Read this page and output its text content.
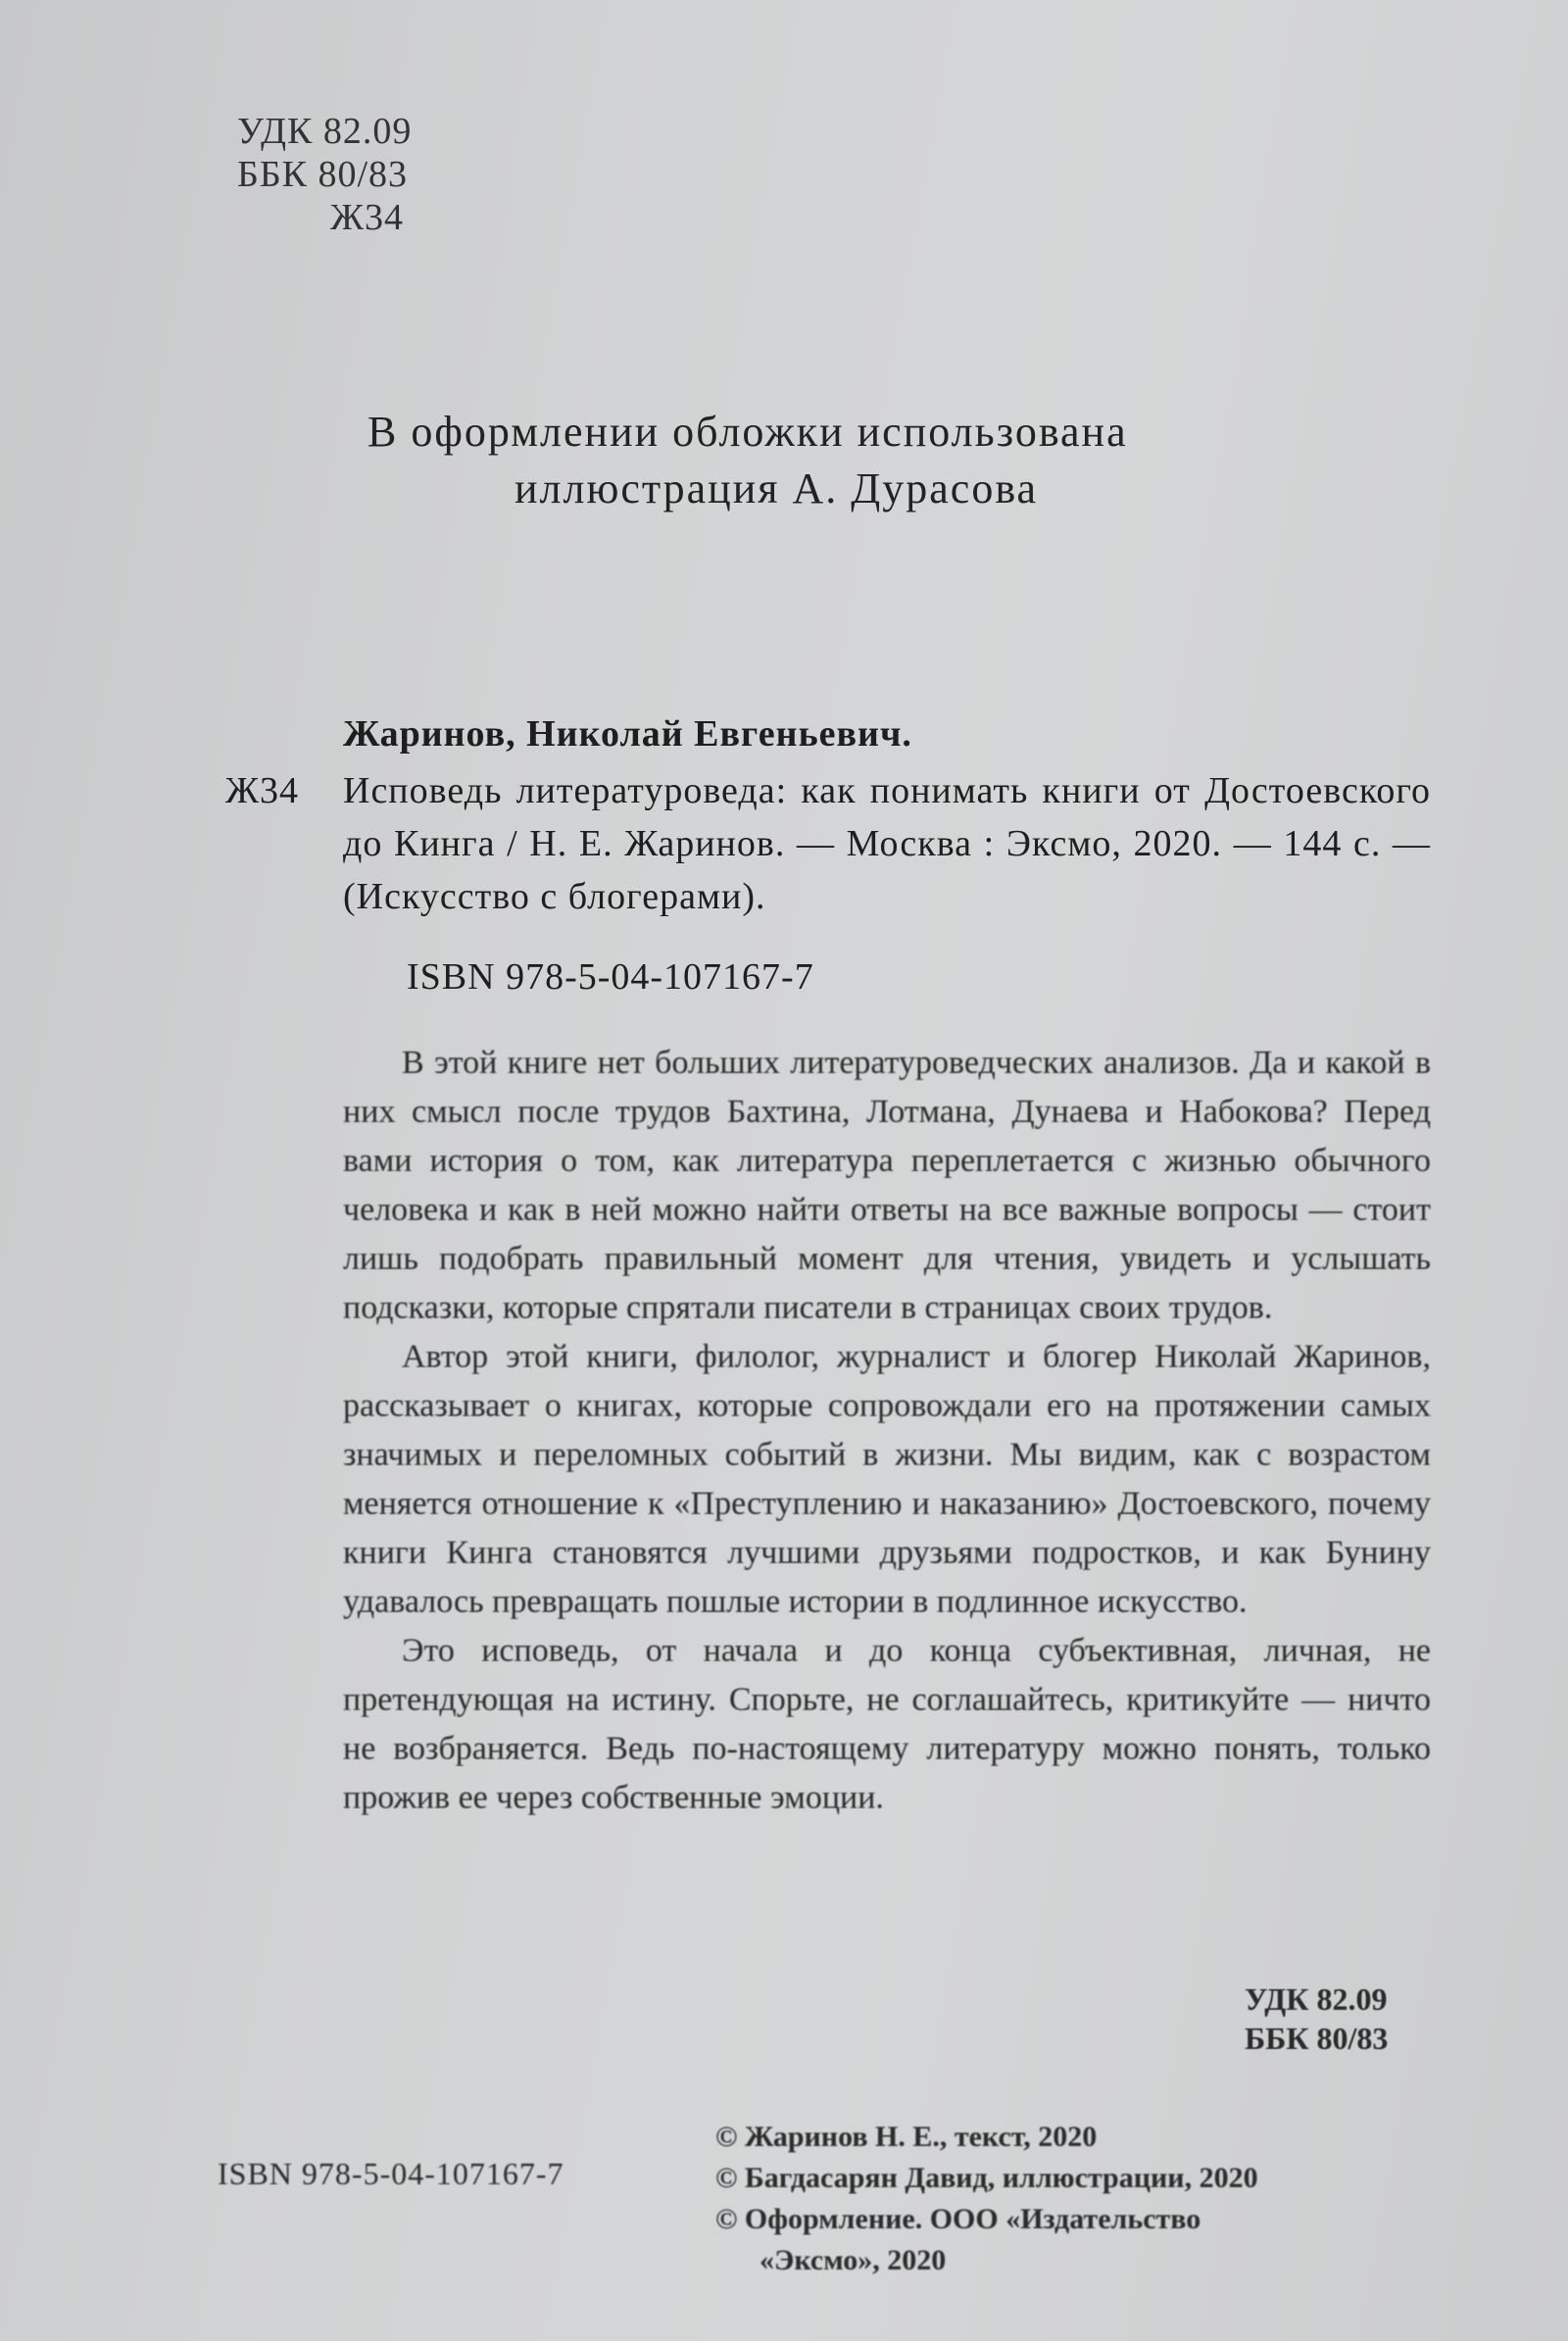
УДК 82.09
ББК 80/83
Ж34
В оформлении обложки использована
иллюстрация А. Дурасова
Жаринов, Николай Евгеньевич.
Ж34	Исповедь литературоведа: как понимать книги от Достоевского до Кинга / Н. Е. Жаринов. — Москва : Эксмо, 2020. — 144 с. — (Искусство с блогерами).
ISBN 978-5-04-107167-7

В этой книге нет больших литературоведческих анализов. Да и какой в них смысл после трудов Бахтина, Лотмана, Дунаева и Набокова? Перед вами история о том, как литература переплетается с жизнью обычного человека и как в ней можно найти ответы на все важные вопросы — стоит лишь подобрать правильный момент для чтения, увидеть и услышать подсказки, которые спрятали писатели в страницах своих трудов.

Автор этой книги, филолог, журналист и блогер Николай Жаринов, рассказывает о книгах, которые сопровождали его на протяжении самых значимых и переломных событий в жизни. Мы видим, как с возрастом меняется отношение к «Преступлению и наказанию» Достоевского, почему книги Кинга становятся лучшими друзьями подростков, и как Бунину удавалось превращать пошлые истории в подлинное искусство.

Это исповедь, от начала и до конца субъективная, личная, не претендующая на истину. Спорьте, не соглашайтесь, критикуйте — ничто не возбраняется. Ведь по-настоящему литературу можно понять, только прожив ее через собственные эмоции.

УДК 82.09
ББК 80/83
ISBN 978-5-04-107167-7
© Жаринов Н. Е., текст, 2020
© Багдасарян Давид, иллюстрации, 2020
© Оформление. ООО «Издательство
«Эксмо», 2020
